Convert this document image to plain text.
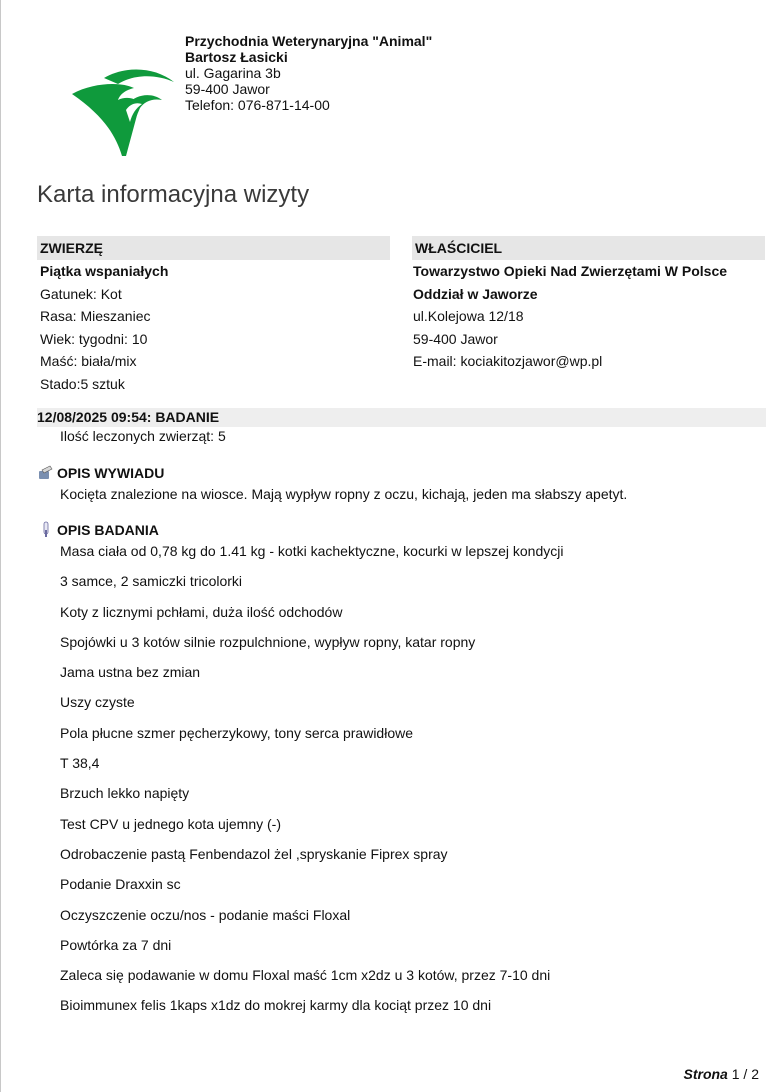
Przychodnia Weterynaryjna "Animal"
Bartosz Łasicki
ul. Gagarina 3b
59-400 Jawor
Telefon: 076-871-14-00
Karta informacyjna wizyty
ZWIERZĘ
Piątka wspaniałych
Gatunek: Kot
Rasa: Mieszaniec
Wiek: tygodni: 10
Maść: biała/mix
Stado:5 sztuk
WŁAŚCICIEL
Towarzystwo Opieki Nad Zwierzętami W Polsce
Oddział w Jaworze
ul.Kolejowa 12/18
59-400 Jawor
E-mail: kociakitozjawor@wp.pl
12/08/2025 09:54: BADANIE
Ilość leczonych zwierząt: 5
OPIS WYWIADU
Kocięta znalezione na wiosce. Mają wypływ ropny z oczu, kichają, jeden ma słabszy apetyt.
OPIS BADANIA
Masa ciała od 0,78 kg do 1.41 kg - kotki kachektyczne, kocurki w lepszej kondycji
3 samce, 2 samiczki tricolorki
Koty z licznymi pchłami, duża ilość odchodów
Spojówki u 3 kotów silnie rozpulchnione, wypływ ropny, katar ropny
Jama ustna bez zmian
Uszy czyste
Pola płucne szmer pęcherzykowy, tony serca prawidłowe
T 38,4
Brzuch lekko napięty
Test CPV u jednego kota ujemny (-)
Odrobaczenie pastą Fenbendazol żel ,spryskanie Fiprex spray
Podanie Draxxin sc
Oczyszczenie oczu/nos - podanie maści Floxal
Powtórka za 7 dni
Zaleca się podawanie w domu Floxal maść 1cm x2dz u 3 kotów, przez 7-10 dni
Bioimmunex felis 1kaps x1dz do mokrej karmy dla kociąt przez 10 dni
Strona 1 / 2
